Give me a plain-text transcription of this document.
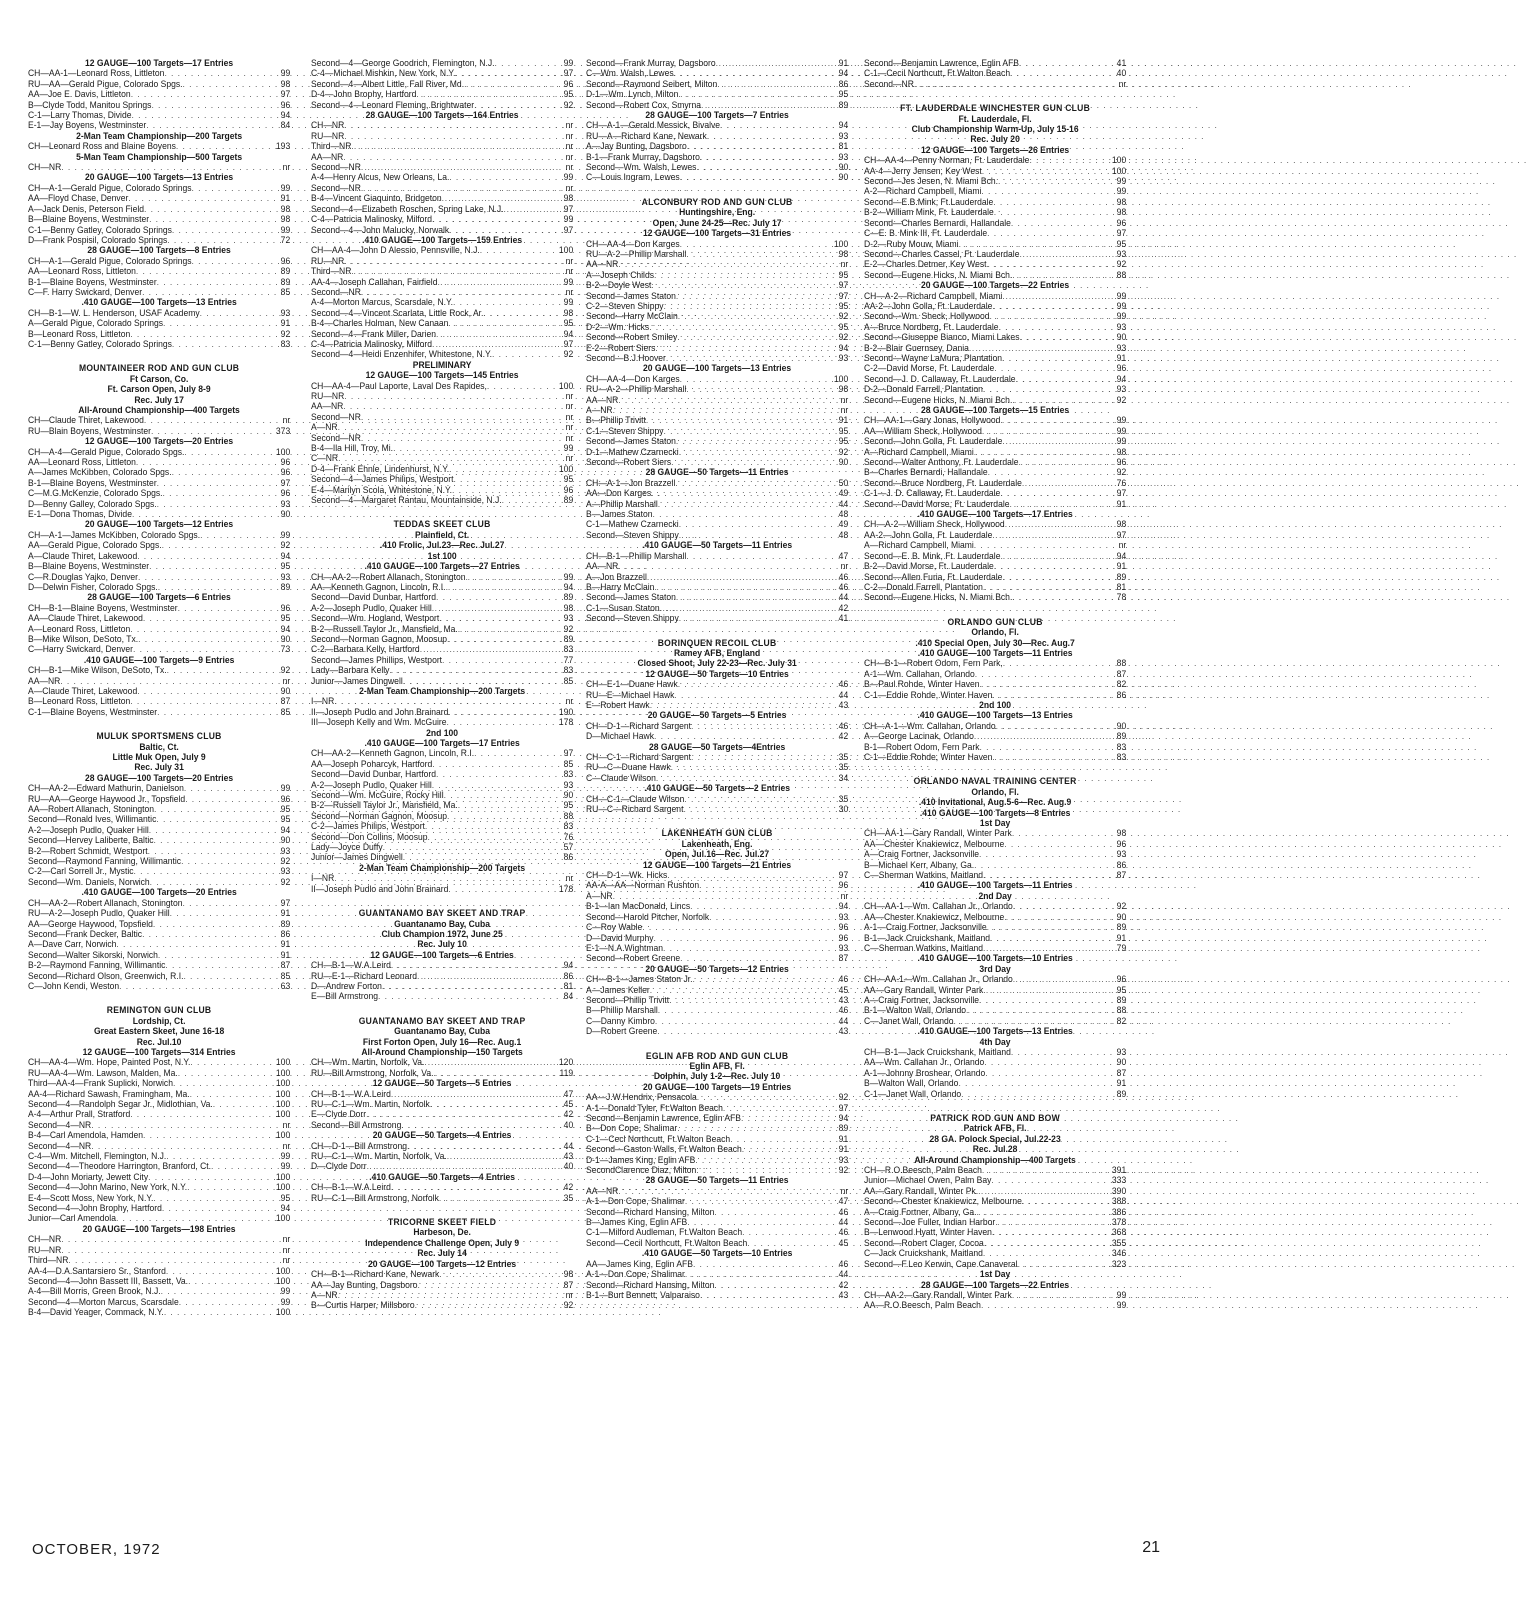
12 GAUGE—100 Targets—17 Entries
CH—AA-1—Leonard Ross, Littleton . . .	99
RU—AA—Gerald Pigue, Colorado Spgs. . . .	98
AA—Joe E. Davis, Littleton . . .	97
B—Clyde Todd, Manitou Springs . . .	96
C-1—Larry Thomas, Divide . . .	94
E-1—Jay Boyens, Westminster . . .	84
2-Man Team Championship—200 Targets
CH—Leonard Ross and Blaine Boyens . . .	193
5-Man Team Championship—500 Targets
CH—NR . . .	nr
20 GAUGE—100 Targets—13 Entries
CH—A-1—Gerald Pigue, Colorado Springs . . .	99
AA—Floyd Chase, Denver . . .	91
A—Jack Denis, Peterson Field . . .	98
B—Blaine Boyens, Westminster . . .	98
C-1—Benny Gatley, Colorado Springs . . .	99
D—Frank Pospisil, Colorado Springs . . .	72
28 GAUGE—100 Targets—8 Entries
CH—A-1—Gerald Pigue, Colorado Springs . . .	96
AA—Leonard Ross, Littleton . . .	89
B-1—Blaine Boyens, Westminster . . .	89
C—F. Harry Swickard, Denver . . .	85
.410 GAUGE—100 Targets—13 Entries
CH—B-1—W. L. Henderson, USAF Academy . . .	93
A—Gerald Pigue, Colorado Springs . . .	91
B—Leonard Ross, Littleton . . .	92
C-1—Benny Gatley, Colorado Springs . . .	83
MOUNTAINEER ROD AND GUN CLUB
Ft Carson, Co.
Ft. Carson Open, July 8-9
Rec. July 17
All-Around Championship—400 Targets
CH—Claude Thiret, Lakewood . . .	nr
RU—Blain Boyens, Westminster . . .	373
12 GAUGE—100 Targets—20 Entries
CH—A-4—Gerald Pigue, Colorado Spgs. . . .	100
AA—Leonard Ross, Littleton . . .	96
A—James McKibben, Colorado Spgs. . . .	96
B-1—Blaine Boyens, Westminster . . .	97
C—M.G.McKenzie, Colorado Spgs. . . .	96
D—Benny Galley, Colorado Spgs. . . .	93
E-1—Dona Thomas, Divide . . .	90
20 GAUGE—100 Targets—12 Entries
CH—A-1—James McKibben, Colorado Spgs. . . .	99
AA—Gerald Pigue, Colorado Spgs. . . .	92
A—Claude Thiret, Lakewood . . .	94
B—Blaine Boyens, Westminster . . .	95
C—R.Douglas Yajko, Denver . . .	93
D—Delwin Fisher, Colorado Spgs. . . .	89
28 GAUGE—100 Targets—6 Entries
CH—B-1—Blaine Boyens, Westminster . . .	96
AA—Claude Thiret, Lakewood . . .	95
A—Leonard Ross, Littleton . . .	94
B—Mike Wilson, DeSoto, Tx. . . .	90
C—Harry Swickard, Denver . . .	73
.410 GAUGE—100 Targets—9 Entries
CH—B-1—Mike Wilson, DeSoto, Tx. . . .	92
AA—NR . . .	nr
A—Claude Thiret, Lakewood . . .	90
B—Leonard Ross, Littleton . . .	87
C-1—Blaine Boyens, Westminster . . .	85
MULUK SPORTSMENS CLUB
Baltic, Ct.
Little Muk Open, July 9
Rec. July 31
28 GAUGE—100 Targets—20 Entries
CH—AA-2—Edward Mathurin, Danielson . . .	99
RU—AA—George Haywood Jr., Topsfield . . .	96
AA—Robert Allanach, Stonington . . .	95
Second—Ronald Ives, Willimantic . . .	95
A-2—Joseph Pudlo, Quaker Hill . . .	94
Second—Hervey Laliberte, Baltic . . .	90
B-2—Robert Schmidt, Westport . . .	93
Second—Raymond Fanning, Willimantic . . .	92
C-2—Carl Sorrell Jr., Mystic . . .	93
Second—Wm. Daniels, Norwich . . .	92
.410 GAUGE—100 Targets—20 Entries
CH—AA-2—Robert Allanach, Stonington . . .	97
RU—A-2—Joseph Pudlo, Quaker Hill . . .	91
AA—George Haywood, Topsfield . . .	89
Second—Frank Decker, Baltic . . .	86
A—Dave Carr, Norwich . . .	91
Second—Walter Sikorski, Norwich . . .	91
B-2—Raymond Fanning, Willimantic . . .	87
Second—Richard Olson, Greenwich, R.I. . . .	85
C—John Kendi, Weston . . .	63
REMINGTON GUN CLUB
Lordship, Ct.
Great Eastern Skeet, June 16-18
Rec. Jul.10
12 GAUGE—100 Targets—314 Entries
CH—AA-4—Wm. Hope, Painted Post, N.Y. . . .	100
RU—AA-4—Wm. Lawson, Malden, Ma. . . .	100
Third—AA-4—Frank Suplicki, Norwich . . .	100
AA-4—Richard Sawash, Framingham, Ma. . . .	100
Second—4—Randolph Segar Jr., Midlothian, Va. . . .	100
A-4—Arthur Prall, Stratford . . .	100
Second—4—NR . . .	nr
B-4—Carl Amendola, Hamden . . .	100
Second—4—NR . . .	nr
C-4—Wm. Mitchell, Flemington, N.J. . . .	99
Second—4—Theodore Harrington, Branford, Ct. . . .	99
D-4—John Moriarty, Jewett City . . .	100
Second—4—John Marino, New York, N.Y. . . .	100
E-4—Scott Moss, New York, N.Y. . . .	95
Second—4—John Brophy, Hartford . . .	94
Junior—Carl Amendola . . .	100
20 GAUGE—100 Targets—198 Entries
CH—NR . . .	nr
RU—NR . . .	nr
Third—NR . . .	nr
AA-4—D.A.Santarsiero Sr., Stanford . . .	100
Second—4—John Bassett III, Bassett, Va. . . .	100
A-4—Bill Morris, Green Brook, N.J. . . .	99
Second—4—Morton Marcus, Scarsdale . . .	99
B-4—David Yeager, Commack, N.Y. . . .	100
Second—4—George Goodrich, Flemington, N.J. . . .	99
C-4—Michael Mishkin, New York, N.Y. . . .	97
Second—4—Albert Little, Fall River, Md. . . .	96
D-4—John Brophy, Hartford . . .	95
Second—4—Leonard Fleming, Brightwater . . .	92
28 GAUGE—100 Targets—164 Entries
CH—NR . . .	nr
RU—NR . . .	nr
Third—NR . . .	nr
AA—NR . . .	nr
Second—NR . . .	nr
A-4—Henry Alcus, New Orleans, La. . . .	99
Second—NR . . .	nr
B-4—Vincent Giaquinto, Bridgeton . . .	98
Second—4—Elizabeth Roschen, Spring Lake, N.J. . . .	97
C-4—Patricia Malinosky, Milford . . .	99
Second—4—John Malucky, Norwalk . . .	97
.410 GAUGE—100 Targets—159 Entries
CH—AA-4—John D Alessio, Pennsville, N.J. . . .	100
RU—NR . . .	nr
Third—NR . . .	nr
AA-4—Joseph Callahan, Fairfield . . .	99
Second—NR . . .	nr
A-4—Morton Marcus, Scarsdale, N.Y. . . .	99
Second—4—Vincent Scarlata, Little Rock, Ar. . . .	98
B-4—Charles Holman, New Canaan . . .	95
Second—4—Frank Miller, Darien . . .	94
C-4—Patricia Malinosky, Milford . . .	97
Second—4—Heidi Enzenhifer, Whitestone, N.Y. . . .	92
PRELIMINARY
12 GAUGE—100 Targets—145 Entries
CH—AA-4—Paul Laporte, Laval Des Rapides, . . .	100
RU—NR . . .	nr
AA—NR . . .	nr
Second—NR . . .	nr
A—NR . . .	nr
Second—NR . . .	nr
B-4—Ila Hill, Troy, Mi. . . .	99
C—NR . . .	nr
D-4—Frank Ehnle, Lindenhurst, N.Y. . . .	100
Second—4—James Philips, Westport . . .	95
E-4—Marilyn Scola, Whitestone, N.Y. . . .	96
Second—4—Margaret Rantau, Mountainside, N.J. . . .	89
TEDDAS SKEET CLUB
Plainfield, Ct.
.410 Frolic, Jul.23—Rec. Jul.27
1st 100
.410 GAUGE—100 Targets—27 Entries
CH—AA-2—Robert Allanach, Stonington . . .	99
AA—Kenneth Gagnon, Lincoln, R.I. . . .	94
Second—David Dunbar, Hartford . . .	89
A-2—Joseph Pudlo, Quaker Hill . . .	98
Second—Wm. Hogland, Westport . . .	93
B-2—Russell Taylor Jr., Mansfield, Ma. . . .	92
Second—Norman Gagnon, Moosup . . .	89
C-2—Barbara Kelly, Hartford . . .	83
Second—James Phillips, Westport . . .	77
Lady—Barbara Kelly . . .	83
Junior—James Dingwell . . .	85
2-Man Team Championship—200 Targets
I—NR . . .	nr
II—Joseph Pudlo and John Brainard . . .	190
III—Joseph Kelly and Wm. McGuire . . .	178
2nd 100
.410 GAUGE—100 Targets—17 Entries
CH—AA-2—Kenneth Gagnon, Lincoln, R.I. . . .	97
AA—Joseph Poharcyk, Hartford . . .	85
Second—David Dunbar, Hartford . . .	83
A-2—Joseph Pudlo, Quaker Hill . . .	93
Second—Wm. McGuire, Rocky Hill . . .	90
B-2—Russell Taylor Jr., Mansfield, Ma. . . .	95
Second—Norman Gagnon, Moosup . . .	88
C-2—James Philips, Westport . . .	83
Second—Don Collins, Moosup . . .	76
Lady—Joyce Duffy . . .	57
Junior—James Dingwell . . .	86
2-Man Team Championship—200 Targets
I—NR . . .	nr
II—Joseph Pudlo and John Brainard . . .	178
GUANTANAMO BAY SKEET AND TRAP
Guantanamo Bay, Cuba
Club Champion 1972, June 25
Rec. July 10
12 GAUGE—100 Targets—6 Entries
CH—B-1—W.A.Leird . . .	94
RU—E-1—Richard Leonard . . .	86
D—Andrew Forton . . .	81
E—Bill Armstrong . . .	84
GUANTANAMO BAY SKEET AND TRAP
Guantanamo Bay, Cuba
First Forton Open, July 16—Rec. Aug.1
All-Around Championship—150 Targets
CH—Wm. Martin, Norfolk, Va. . . .	120
RU—Bill Armstrong, Norfolk, Va. . . .	119
12 GAUGE—50 Targets—5 Entries
CH—B-1—W.A.Leird . . .	47
RU—C-1—Wm. Martin, Norfolk . . .	45
E—Clyde Dorr . . .	42
Second—Bill Armstrong . . .	40
20 GAUGE—50 Targets—4 Entries
CH—D-1—Bill Armstrong . . .	44
RU—C-1—Wm. Martin, Norfolk, Va. . . .	43
D—Clyde Dorr . . .	40
.410 GAUGE—50 Targets—4 Entries
CH—B-1—W.A.Leird . . .	42
RU—C-1—Bill Armstrong, Norfolk . . .	35
TRICORNE SKEET FIELD
Harbeson, De.
Independence Challenge Open, July 9
Rec. July 14
20 GAUGE—100 Targets—12 Entries
CH—B-1—Richard Kane, Newark . . .	98
AA—Jay Bunting, Dagsboro . . .	87
A—NR . . .	nr
B—Curtis Harper, Millsboro . . .	92
Second—Frank Murray, Dagsboro . . .	91
C—Wm. Walsh, Lewes . . .	94
Second—Raymond Seibert, Milton . . .	86
D-1—Wm. Lynch, Milton . . .	95
Second—Robert Cox, Smyrna . . .	89
28 GAUGE—100 Targets—7 Entries
CH—A-1—Gerald Messick, Bivalve . . .	94
RU—A—Richard Kane, Newark . . .	93
A—Jay Bunting, Dagsboro . . .	81
B-1—Frank Murray, Dagsboro . . .	93
Second—Wm. Walsh, Lewes . . .	90
C—Louis Ingram, Lewes . . .	90
ALCONBURY ROD AND GUN CLUB
Huntingshire, Eng.
Open, June 24-25—Rec. July 17
12 GAUGE—100 Targets—31 Entries
CH—AA-4—Don Karges . . .	100
RU—A-2—Phillip Marshall . . .	98
AA—NR . . .	nr
A—Joseph Childs . . .	95
B-2—Doyle West . . .	97
Second—James Staton . . .	97
C-2—Steven Shippy . . .	95
Second—Harry McClain . . .	92
D-2—Wm. Hicks . . .	95
Second—Robert Smiley . . .	92
E-2—Robert Siers . . .	94
Second—B.J.Hoover . . .	93
20 GAUGE—100 Targets—13 Entries
CH—AA-4—Don Karges . . .	100
RU—A-2—Phillip Marshall . . .	98
AA—NR . . .	nr
A—NR . . .	nr
B—Phillip Trivitt . . .	91
C-1—Steven Shippy . . .	95
Second—James Staton . . .	95
D-1—Mathew Czarnecki . . .	92
Second—Robert Siers . . .	90
28 GAUGE—50 Targets—11 Entries
CH—A-1—Jon Brazzell . . .	50
AA—Don Karges . . .	49
A—Phillip Marshall . . .	44
B—James Staton . . .	48
C-1—Mathew Czarnecki . . .	49
Second—Steven Shippy . . .	48
.410 GAUGE—50 Targets—11 Entries
CH—B-1—Phillip Marshall . . .	47
AA—NR . . .	nr
A—Jon Brazzell . . .	46
B—Harry McClain . . .	46
Second—James Staton . . .	44
C-1—Susan Staton . . .	42
Second—Steven Shippy . . .	41
BORINQUEN RECOIL CLUB
Ramey AFB, England
Closed Shoot, July 22-23—Rec. July 31
12 GAUGE—50 Targets—10 Entries
CH—E-1—Duane Hawk . . .	46
RU—E—Michael Hawk . . .	44
E—Robert Hawk . . .	43
20 GAUGE—50 Targets—5 Entries
CH—D-1—Richard Sargent . . .	46
D—Michael Hawk . . .	42
28 GAUGE—50 Targets—4Entries
CH—C-1—Richard Sargent . . .	35
RU—C—Duane Hawk . . .	35
C—Claude Wilson . . .	34
.410 GAUGE—50 Targets—2 Entries
CH—C-1—Claude Wilson . . .	35
RU—C—Richard Sargent . . .	30
LAKENHEATH GUN CLUB
Lakenheath, Eng.
Open, Jul.16—Rec. Jul.27
12 GAUGE—100 Targets—21 Entries
CH—D-1—Wk. Hicks . . .	97
AA-A—AA—Norman Rushton . . .	96
A—NR . . .	nr
B-1—Ian MacDonald, Lincs . . .	94
Second—Harold Pitcher, Norfolk . . .	93
C—Roy Wable . . .	96
D—David Murphy . . .	96
E-1—N.A.Wightman . . .	93
Second—Robert Greene . . .	87
20 GAUGE—50 Targets—12 Entries
CH—B-1—James Staton Jr. . . .	46
A—James Keller . . .	45
Second—Phillip Trivitt . . .	43
B—Phillip Marshall . . .	46
C—Danny Kimbro . . .	44
D—Robert Greene . . .	43
EGLIN AFB ROD AND GUN CLUB
Eglin AFB, Fl.
Dolphin, July 1-2—Rec. July 10
20 GAUGE—100 Targets—19 Entries
AA—J.W.Hendrix, Pensacola . . .	92
A-1—Donald Tyler, Ft.Walton Beach . . .	97
Second—Benjamin Lawrence, Eglin AFB . . .	94
B—Don Cope, Shalimar . . .	89
C-1—Cecl Northcutt, Ft.Walton Beach . . .	91
Second—Gaston Walls, Ft.Walton Beach . . .	91
D-1—James King, Eglin AFB . . .	93
SecondClarence Diaz, Milton . . .	92
28 GAUGE—50 Targets—11 Entries
AA—NR . . .	nr
A-1—Don Cope, Shalimar . . .	47
Second—Richard Hansing, Milton . . .	46
B—James King, Eglin AFB . . .	44
C-1—Milford Audleman, Ft.Walton Beach . . .	46
Second—Cecil Northcutt, Ft.Walton Beach . . .	45
.410 GAUGE—50 Targets—10 Entries
AA—James King, Eglin AFB . . .	46
A-1—Don Cope, Shalimar . . .	44
Second—Richard Hansing, Milton . . .	42
B-1—Burt Bennett, Valparaiso . . .	43
Second—Benjamin Lawrence, Eglin AFB . . .	41
C-1—Cecil Northcutt, Ft.Walton Beach . . .	40
Second—NR . . .	nr
FT. LAUDERDALE WINCHESTER GUN CLUB
Ft. Lauderdale, Fl.
Club Championship Warm-Up, July 15-16
Rec. July 20
12 GAUGE—100 Targets—26 Entries
CH—AA-4—Penny Norman, Ft. Lauderdale . . .	100
AA-4—Jerry Jensen, Key West . . .	100
Second—Jes Jesen, N. Miami Bch. . . .	99
A-2—Richard Campbell, Miami . . .	99
Second—E.B.Mink, Ft.Lauderdale . . .	98
B-2—William Mink, Ft. Lauderdale . . .	98
Second—Charles Bernardi, Hallandale . . .	96
C—E. B. Mink III, Ft. Lauderdale . . .	97
D-2—Ruby Mouw, Miami . . .	95
Second—Charles Cassel, Ft. Lauderdale . . .	93
E-2—Charles Detmer, Key West . . .	92
Second—Eugene Hicks, N. Miami Bch. . . .	88
20 GAUGE—100 Targets—22 Entries
CH—A-2—Richard Campbell, Miami . . .	99
AA-2—John Golla, Ft. Lauderdale . . .	99
Second—Wm. Sheck, Hollywood . . .	99
A—Bruce Nordberg, Ft. Lauderdale . . .	93
Second—Giuseppe Bianco, Miami Lakes . . .	90
B-2—Blair Guernsey, Dania . . .	93
Second—Wayne LaMura, Plantation . . .	91
C-2—David Morse, Ft. Lauderdale . . .	96
Second—J. D. Callaway, Ft. Lauderdale . . .	94
D-2—Donald Farrell, Plantation . . .	93
Second—Eugene Hicks, N. Miami Bch. . . .	92
28 GAUGE—100 Targets—15 Entries
CH—AA-1—Gary Jonas, Hollywood . . .	99
AA—William Sheck, Hollywood . . .	99
Second—John Golla, Ft. Lauderdale . . .	99
A—Richard Campbell, Miami . . .	98
Second—Walter Anthony, Ft. Lauderdale . . .	96
B—Charles Bernardi, Hallandale . . .	92
Second—Bruce Nordberg, Ft. Lauderdale . . .	76
C-1—J. D. Callaway, Ft. Lauderdale . . .	97
Second—David Morse, Ft. Lauderdale . . .	91
.410 GAUGE—100 Targets—17 Entries
CH—A-2—William Sheck, Hollywood . . .	98
AA-2—John Golla, Ft. Lauderdale . . .	97
A—Richard Campbell, Miami . . .	nr
Second—E. B. Mink, Ft. Lauderdale . . .	94
B-2—David Morse, Ft. Lauderdale . . .	91
Second—Allen Furia, Ft. Lauderdale . . .	89
C-2—Donald Farrell, Plantation . . .	81
Second—Eugene Hicks, N. Miami Bch. . . .	78
ORLANDO GUN CLUB
Orlando, Fl.
.410 Special Open, July 30—Rec. Aug.7
.410 GAUGE—100 Targets—11 Entries
CH—B-1—Robert Odom, Fern Park, . . .	88
A-1—Wm. Callahan, Orlando . . .	87
B—Paul Rohde, Winter Haven . . .	82
C-1—Eddie Rohde, Winter Haven . . .	86
2nd 100
.410 GAUGE—100 Targets—13 Entries
CH—A-1—Wm. Callahan, Orlando . . .	90
A—George Lacinak, Orlando . . .	89
B-1—Robert Odom, Fern Park . . .	83
C-1—Eddie Rohde, Winter Haven . . .	83
ORLANDO NAVAL TRAINING CENTER
Orlando, Fl.
.410 Invitational, Aug.5-6—Rec. Aug.9
.410 GAUGE—100 Targets—8 Entries
1st Day
CH—AA-1—Gary Randall, Winter Park . . .	98
AA—Chester Knakiewicz, Melbourne . . .	96
A—Craig Fortner, Jacksonville . . .	93
B—Michael Kerr, Albany, Ga. . . .	86
C—Sherman Watkins, Maitland . . .	87
.410 GAUGE—100 Targets—11 Entries
2nd Day
CH—AA-1—Wm. Callahan Jr., Orlando . . .	92
AA—Chester Knakiewicz, Melbourne . . .	90
A-1—Craig Fortner, Jacksonville . . .	89
B-1—Jack Cruickshank, Maitland . . .	91
C—Sherman Watkins, Maitland . . .	79
.410 GAUGE—100 Targets—10 Entries
3rd Day
CH—AA-1—Wm. Callahan Jr., Orlando . . .	96
AA—Gary Randall, Winter Park . . .	95
A—Craig Fortner, Jacksonville . . .	89
B-1—Walton Wall, Orlando . . .	88
C—Janet Wall, Orlando . . .	82
.410 GAUGE—100 Targets—13 Entries
4th Day
CH—B-1—Jack Cruickshank, Maitland . . .	93
AA—Wm. Callahan Jr., Orlando . . .	90
A-1—Johnny Broshear, Orlando . . .	87
B—Walton Wall, Orlando . . .	91
C-1—Janet Wall, Orlando . . .	89
PATRICK ROD GUN AND BOW
Patrick AFB, Fl.
28 GA. Polock Special, Jul.22-23
Rec. Jul.28
All-Around Championship—400 Targets
CH—R.O.Beesch, Palm Beach . . .	391
Junior—Michael Owen, Palm Bay . . .	333
AA—Gary Randall, Winter Pk. . . .	390
Second—Chester Knakiewicz, Melbourne . . .	388
A—Craig Fortner, Albany, Ga. . . .	386
Second—Joe Fuller, Indian Harbor . . .	378
B—Lenwood Hyatt, Winter Haven . . .	368
Second—Robert Clager, Cocoa . . .	355
C—Jack Cruickshank, Maitland . . .	346
Second—F.Leo Kerwin, Cape Canaveral . . .	323
1st Day
28 GAUGE—100 Targets—22 Entries
CH—AA-2—Gary Randall, Winter Park . . .	99
AA—R.O.Beesch, Palm Beach . . .	99
OCTOBER, 1972	21
